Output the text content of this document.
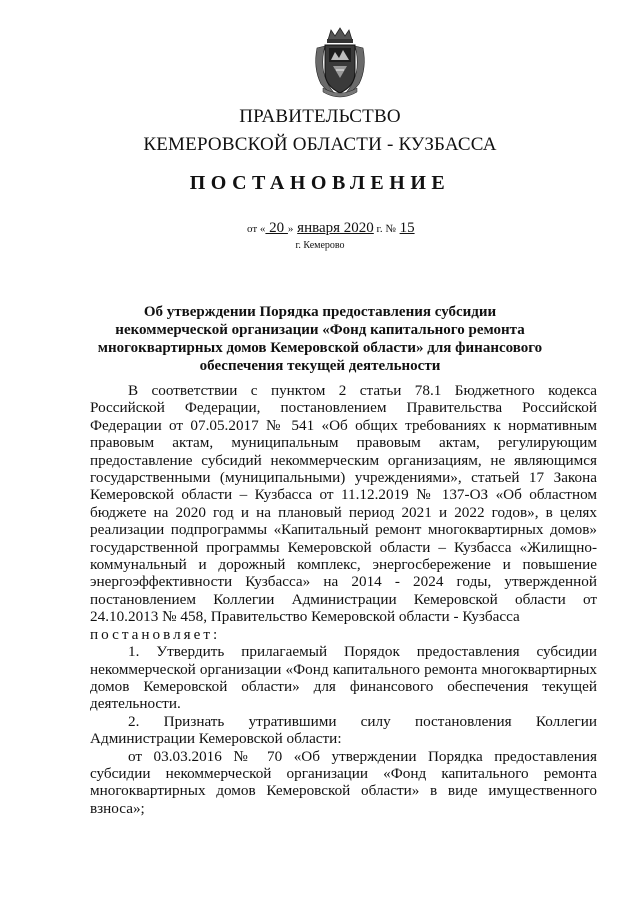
ПРАВИТЕЛЬСТВО
КЕМЕРОВСКОЙ ОБЛАСТИ - КУЗБАССА
ПОСТАНОВЛЕНИЕ
от « 20 » января 2020 г. № 15
г. Кемерово
Об утверждении Порядка предоставления субсидии некоммерческой организации «Фонд капитального ремонта многоквартирных домов Кемеровской области» для финансового обеспечения текущей деятельности

В соответствии с пунктом 2 статьи 78.1 Бюджетного кодекса Российской Федерации, постановлением Правительства Российской Федерации от 07.05.2017 № 541 «Об общих требованиях к нормативным правовым актам, муниципальным правовым актам, регулирующим предоставление субсидий некоммерческим организациям, не являющимся государственными (муниципальными) учреждениями», статьей 17 Закона Кемеровской области – Кузбасса от 11.12.2019 № 137-ОЗ «Об областном бюджете на 2020 год и на плановый период 2021 и 2022 годов», в целях реализации подпрограммы «Капитальный ремонт многоквартирных домов» государственной программы Кемеровской области – Кузбасса «Жилищно-коммунальный и дорожный комплекс, энергосбережение и повышение энергоэффективности Кузбасса» на 2014 - 2024 годы, утвержденной постановлением Коллегии Администрации Кемеровской области от 24.10.2013 № 458, Правительство Кемеровской области - Кузбасса

постановляет:

1. Утвердить прилагаемый Порядок предоставления субсидии некоммерческой организации «Фонд капитального ремонта многоквартирных домов Кемеровской области» для финансового обеспечения текущей деятельности.

2. Признать утратившими силу постановления Коллегии Администрации Кемеровской области:

от 03.03.2016 № 70 «Об утверждении Порядка предоставления субсидии некоммерческой организации «Фонд капитального ремонта многоквартирных домов Кемеровской области» в виде имущественного взноса»;
